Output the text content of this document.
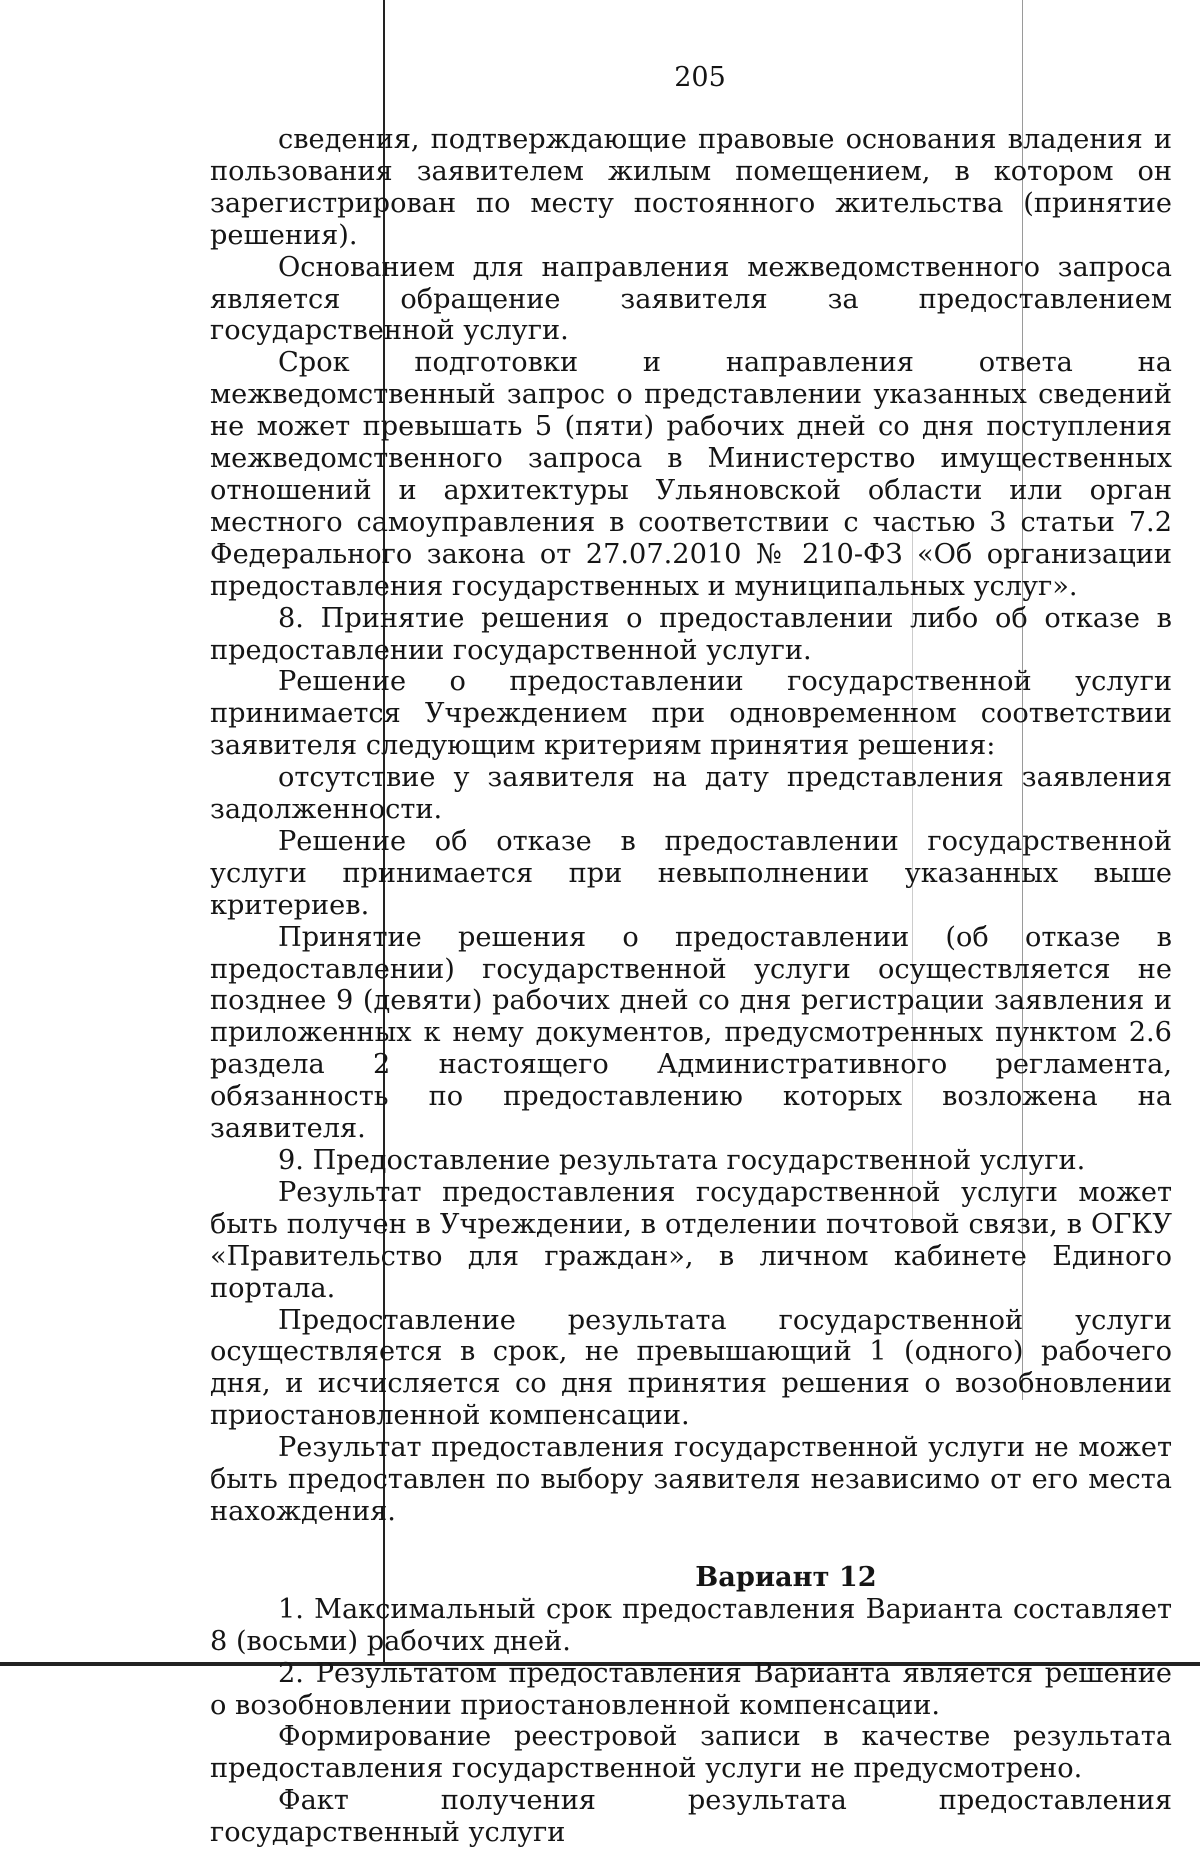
205

сведения, подтверждающие правовые основания владения и пользования заявителем жилым помещением, в котором он зарегистрирован по месту постоянного жительства (принятие решения).

Основанием для направления межведомственного запроса является обращение заявителя за предоставлением государственной услуги.

Срок подготовки и направления ответа на межведомственный запрос о представлении указанных сведений не может превышать 5 (пяти) рабочих дней со дня поступления межведомственного запроса в Министерство имущественных отношений и архитектуры Ульяновской области или орган местного самоуправления в соответствии с частью 3 статьи 7.2 Федерального закона от 27.07.2010 № 210-ФЗ «Об организации предоставления государственных и муниципальных услуг».

8. Принятие решения о предоставлении либо об отказе в предоставлении государственной услуги.

Решение о предоставлении государственной услуги принимается Учреждением при одновременном соответствии заявителя следующим критериям принятия решения:

отсутствие у заявителя на дату представления заявления задолженности.

Решение об отказе в предоставлении государственной услуги принимается при невыполнении указанных выше критериев.

Принятие решения о предоставлении (об отказе в предоставлении) государственной услуги осуществляется не позднее 9 (девяти) рабочих дней со дня регистрации заявления и приложенных к нему документов, предусмотренных пунктом 2.6 раздела 2 настоящего Административного регламента, обязанность по предоставлению которых возложена на заявителя.

9. Предоставление результата государственной услуги.

Результат предоставления государственной услуги может быть получен в Учреждении, в отделении почтовой связи, в ОГКУ «Правительство для граждан», в личном кабинете Единого портала.

Предоставление результата государственной услуги осуществляется в срок, не превышающий 1 (одного) рабочего дня, и исчисляется со дня принятия решения о возобновлении приостановленной компенсации.

Результат предоставления государственной услуги не может быть предоставлен по выбору заявителя независимо от его места нахождения.

Вариант 12

1. Максимальный срок предоставления Варианта составляет 8 (восьми) рабочих дней.

2. Результатом предоставления Варианта является решение о возобновлении приостановленной компенсации.

Формирование реестровой записи в качестве результата предоставления государственной услуги не предусмотрено.

Факт получения результата предоставления государственный услуги
